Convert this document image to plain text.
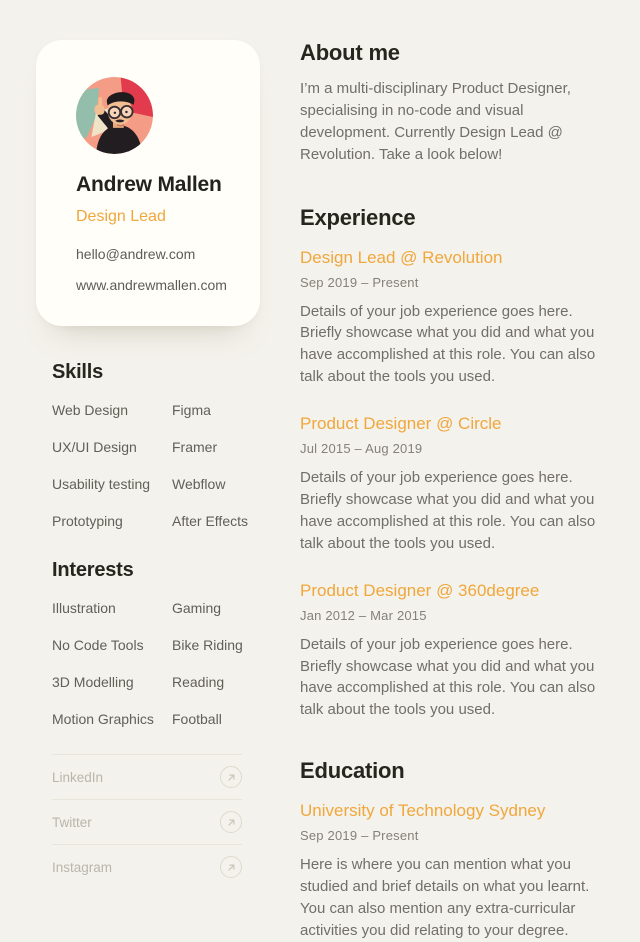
Andrew Mallen
Design Lead
hello@andrew.com
www.andrewmallen.com
Skills
Web Design	Figma
UX/UI Design	Framer
Usability testing	Webflow
Prototyping	After Effects
Interests
Illustration	Gaming
No Code Tools	Bike Riding
3D Modelling	Reading
Motion Graphics	Football
LinkedIn
Twitter
Instagram
About me

I’m a multi-disciplinary Product Designer, specialising in no-code and visual development. Currently Design Lead @ Revolution. Take a look below!

Experience
Design Lead @ Revolution
Sep 2019 – Present

Details of your job experience goes here. Briefly showcase what you did and what you have accomplished at this role. You can also talk about the tools you used.

Product Designer @ Circle
Jul 2015 – Aug 2019

Details of your job experience goes here. Briefly showcase what you did and what you have accomplished at this role. You can also talk about the tools you used.

Product Designer @ 360degree
Jan 2012 – Mar 2015

Details of your job experience goes here. Briefly showcase what you did and what you have accomplished at this role. You can also talk about the tools you used.

Education
University of Technology Sydney
Sep 2019 – Present

Here is where you can mention what you studied and brief details on what you learnt. You can also mention any extra-curricular activities you did relating to your degree.
